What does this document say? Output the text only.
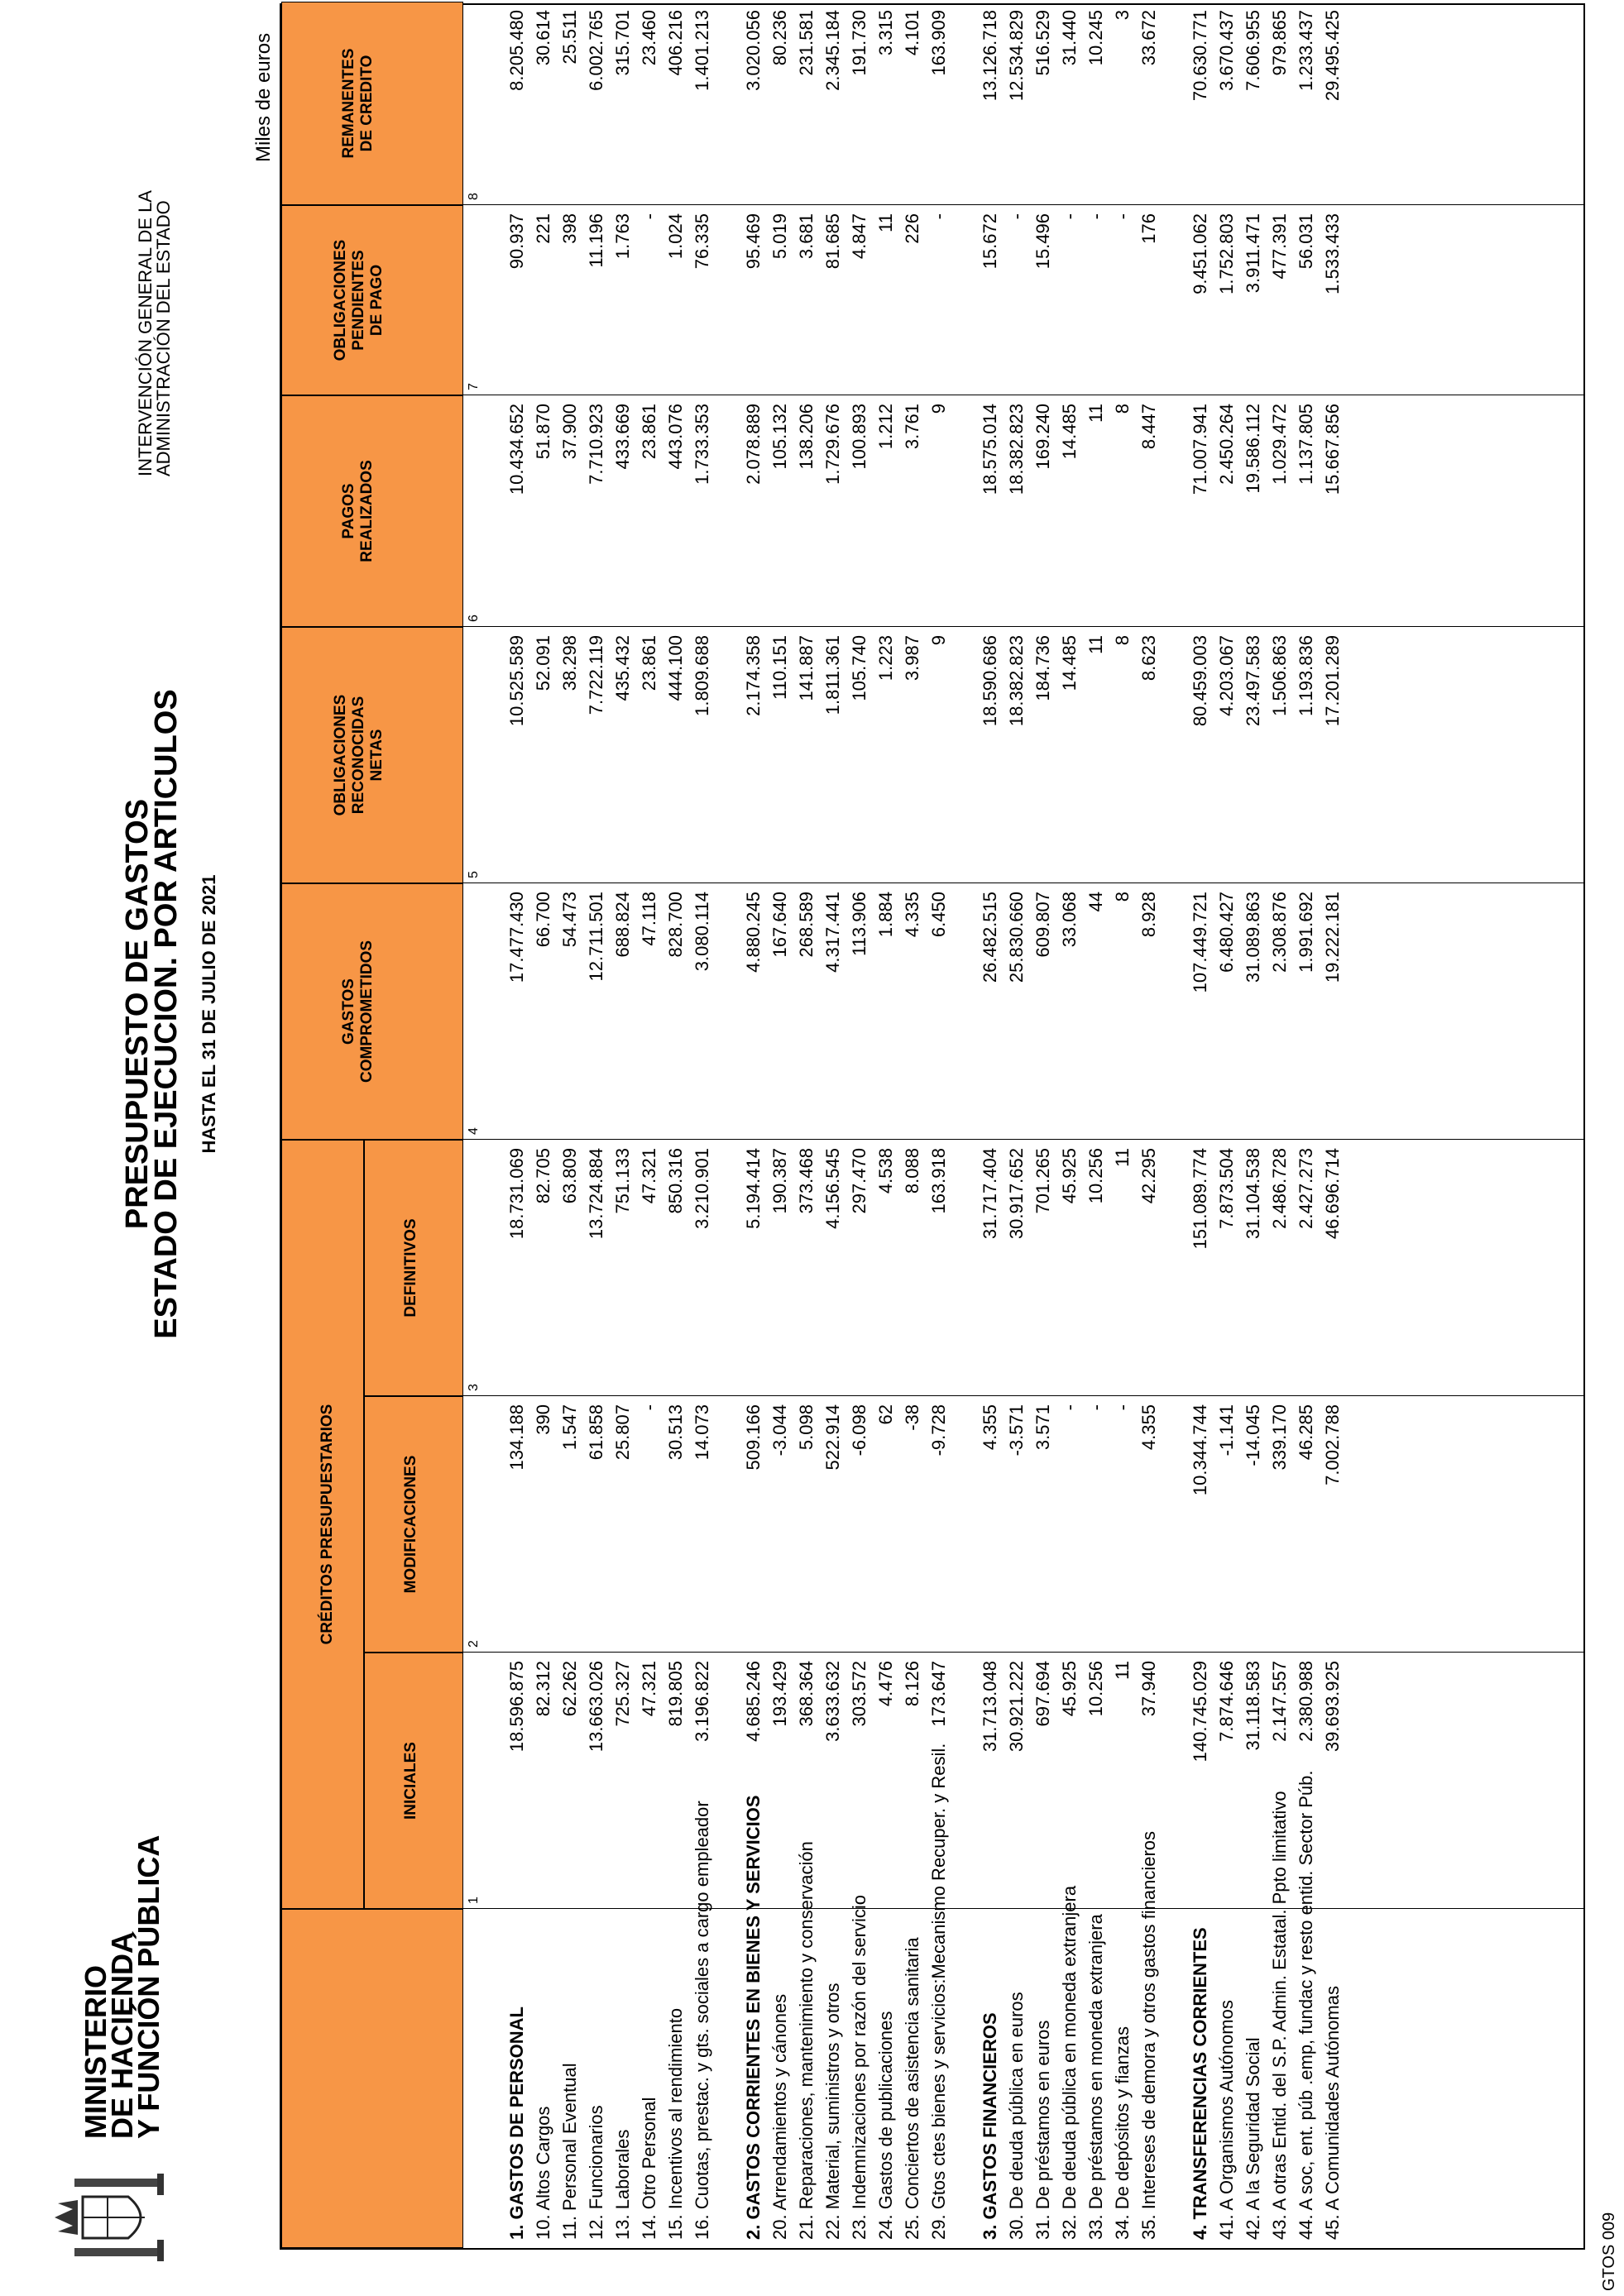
MINISTERIO
DE HACIENDA
Y FUNCIÓN PÚBLICA
PRESUPUESTO DE GASTOS
ESTADO DE EJECUCION. POR ARTICULOS HASTA EL 31 DE JULIO DE 2021
INTERVENCIÓN GENERAL DE LA
ADMINISTRACIÓN DEL ESTADO
Miles de euros
CRÉDITOS PRESUPUESTARIOS
INICIALES
1
MODIFICACIONES
2
DEFINITIVOS
3
GASTOS COMPROMETIDOS
4
OBLIGACIONES RECONOCIDAS NETAS
5
PAGOS REALIZADOS
6
OBLIGACIONES PENDIENTES DE PAGO
7
REMANENTES DE CREDITO
8
1. GASTOS DE PERSONAL
18.596.875
134.188
18.731.069
17.477.430
10.525.589
10.434.652
90.937
8.205.480
10. Altos Cargos
82.312
390
82.705
66.700
52.091
51.870
221
30.614
11. Personal Eventual
62.262
1.547
63.809
54.473
38.298
37.900
398
25.511
12. Funcionarios
13.663.026
61.858
13.724.884
12.711.501
7.722.119
7.710.923
11.196
6.002.765
13. Laborales
725.327
25.807
751.133
688.824
435.432
433.669
1.763
315.701
14. Otro Personal
47.321
-
47.321
47.118
23.861
23.861
-
23.460
15. Incentivos al rendimiento
819.805
30.513
850.316
828.700
444.100
443.076
1.024
406.216
16. Cuotas, prestac. y gts. sociales a cargo empleador
3.196.822
14.073
3.210.901
3.080.114
1.809.688
1.733.353
76.335
1.401.213
2. GASTOS CORRIENTES EN BIENES Y SERVICIOS
4.685.246
509.166
5.194.414
4.880.245
2.174.358
2.078.889
95.469
3.020.056
20. Arrendamientos y cánones
193.429
-3.044
190.387
167.640
110.151
105.132
5.019
80.236
21. Reparaciones, mantenimiento y conservación
368.364
5.098
373.468
268.589
141.887
138.206
3.681
231.581
22. Material, suministros y otros
3.633.632
522.914
4.156.545
4.317.441
1.811.361
1.729.676
81.685
2.345.184
23. Indemnizaciones por razón del servicio
303.572
-6.098
297.470
113.906
105.740
100.893
4.847
191.730
24. Gastos de publicaciones
4.476
62
4.538
1.884
1.223
1.212
11
3.315
25. Conciertos de asistencia sanitaria
8.126
-38
8.088
4.335
3.987
3.761
226
4.101
29. Gtos ctes bienes y servicios:Mecanismo Recuper. y Resil.
173.647
-9.728
163.918
6.450
9
9
-
163.909
3. GASTOS FINANCIEROS
31.713.048
4.355
31.717.404
26.482.515
18.590.686
18.575.014
15.672
13.126.718
30. De deuda pública en euros
30.921.222
-3.571
30.917.652
25.830.660
18.382.823
18.382.823
-
12.534.829
31. De préstamos en euros
697.694
3.571
701.265
609.807
184.736
169.240
15.496
516.529
32. De deuda pública en moneda extranjera
45.925
-
45.925
33.068
14.485
14.485
-
31.440
33. De préstamos en moneda extranjera
10.256
-
10.256
44
11
11
-
10.245
34. De depósitos y fianzas
11
-
11
8
8
8
-
3
35. Intereses de demora y otros gastos financieros
37.940
4.355
42.295
8.928
8.623
8.447
176
33.672
4. TRANSFERENCIAS CORRIENTES
140.745.029
10.344.744
151.089.774
107.449.721
80.459.003
71.007.941
9.451.062
70.630.771
41. A Organismos Autónomos
7.874.646
-1.141
7.873.504
6.480.427
4.203.067
2.450.264
1.752.803
3.670.437
42. A la Seguridad Social
31.118.583
-14.045
31.104.538
31.089.863
23.497.583
19.586.112
3.911.471
7.606.955
43. A otras Entid. del S.P. Admin. Estatal. Ppto limitativo
2.147.557
339.170
2.486.728
2.308.876
1.506.863
1.029.472
477.391
979.865
44. A soc, ent. púb .emp, fundac y resto entid. Sector Púb.
2.380.988
46.285
2.427.273
1.991.692
1.193.836
1.137.805
56.031
1.233.437
45. A Comunidades Autónomas
39.693.925
7.002.788
46.696.714
19.222.181
17.201.289
15.667.856
1.533.433
29.495.425
GTOS 009
